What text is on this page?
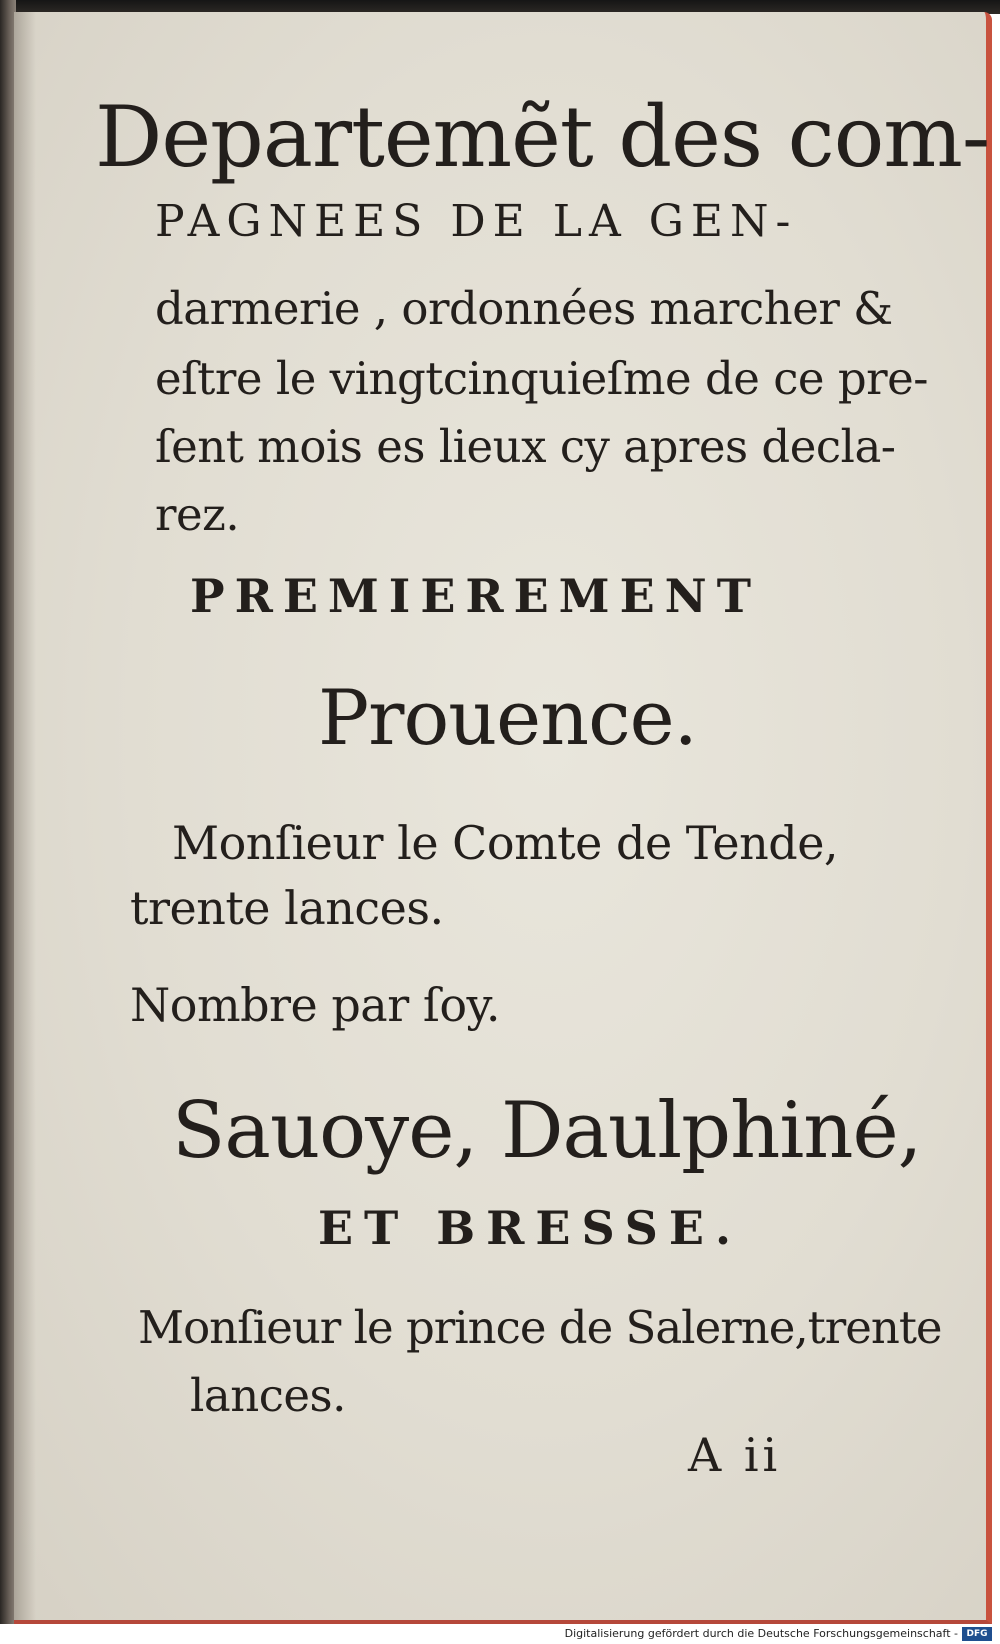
Departemẽt des com-

PAGNEES DE LA GEN-

darmerie , ordonnées marcher &

eſtre le vingtcinquieſme de ce pre-

ſent mois es lieux cy apres decla-

rez.

PREMIEREMENT

Prouence.

Monſieur le Comte de Tende,

trente lances.

Nombre par ſoy.

Sauoye, Daulphiné,

ET BRESSE.

Monſieur le prince de Salerne,trente

lances.

A ii

Digitalisierung gefördert durch die Deutsche Forschungsgemeinschaft - DFG
